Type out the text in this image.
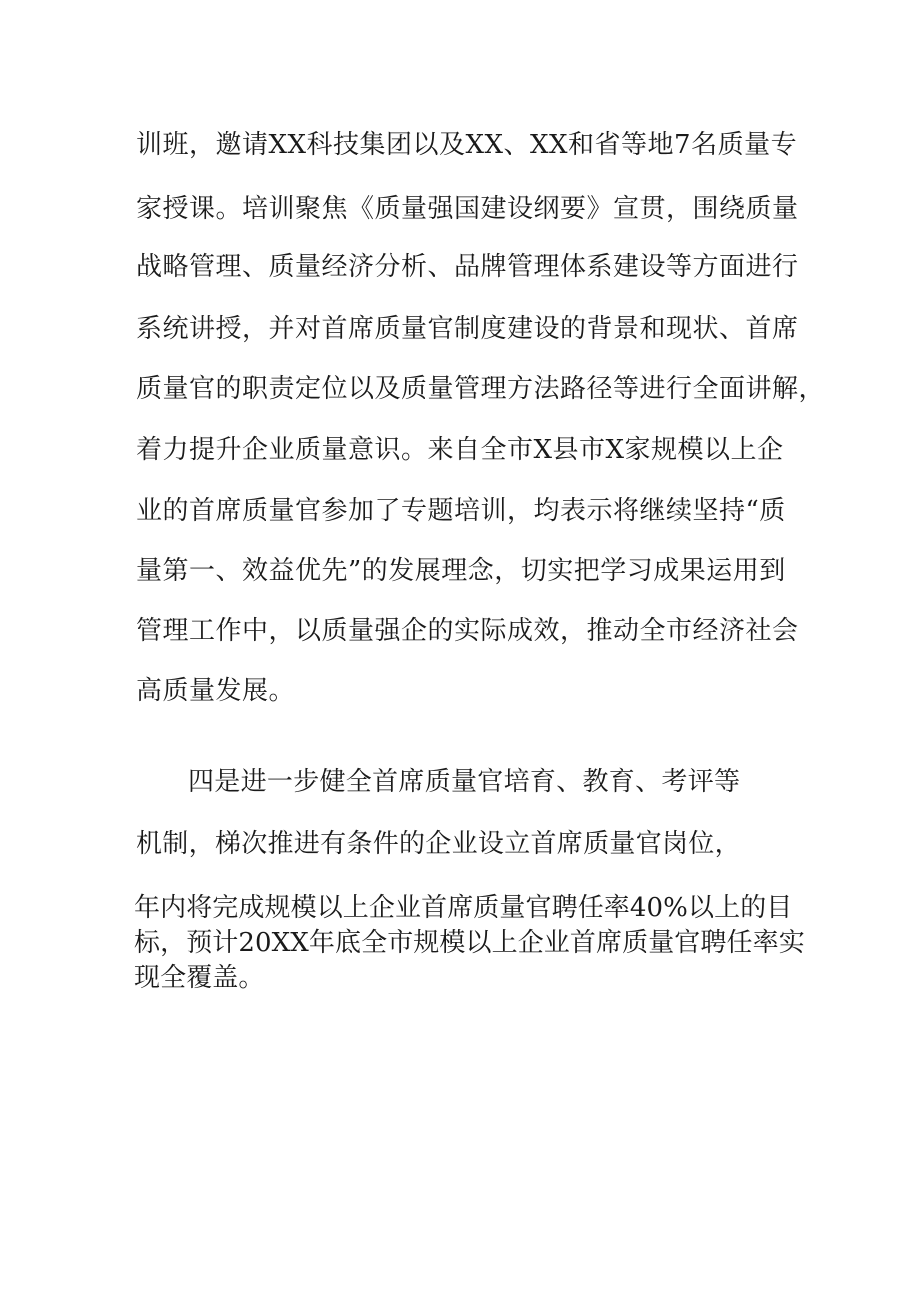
训班，邀请XX科技集团以及XX、XX和省等地7名质量专
家授课。培训聚焦《质量强国建设纲要》宣贯，围绕质量
战略管理、质量经济分析、品牌管理体系建设等方面进行
系统讲授，并对首席质量官制度建设的背景和现状、首席
质量官的职责定位以及质量管理方法路径等进行全面讲解，
着力提升企业质量意识。来自全市X县市X家规模以上企
业的首席质量官参加了专题培训，均表示将继续坚持“质
量第一、效益优先”的发展理念，切实把学习成果运用到
管理工作中，以质量强企的实际成效，推动全市经济社会
高质量发展。
四是进一步健全首席质量官培育、教育、考评等
机制，梯次推进有条件的企业设立首席质量官岗位，
年内将完成规模以上企业首席质量官聘任率40%以上的目
标，预计20XX年底全市规模以上企业首席质量官聘任率实
现全覆盖。
